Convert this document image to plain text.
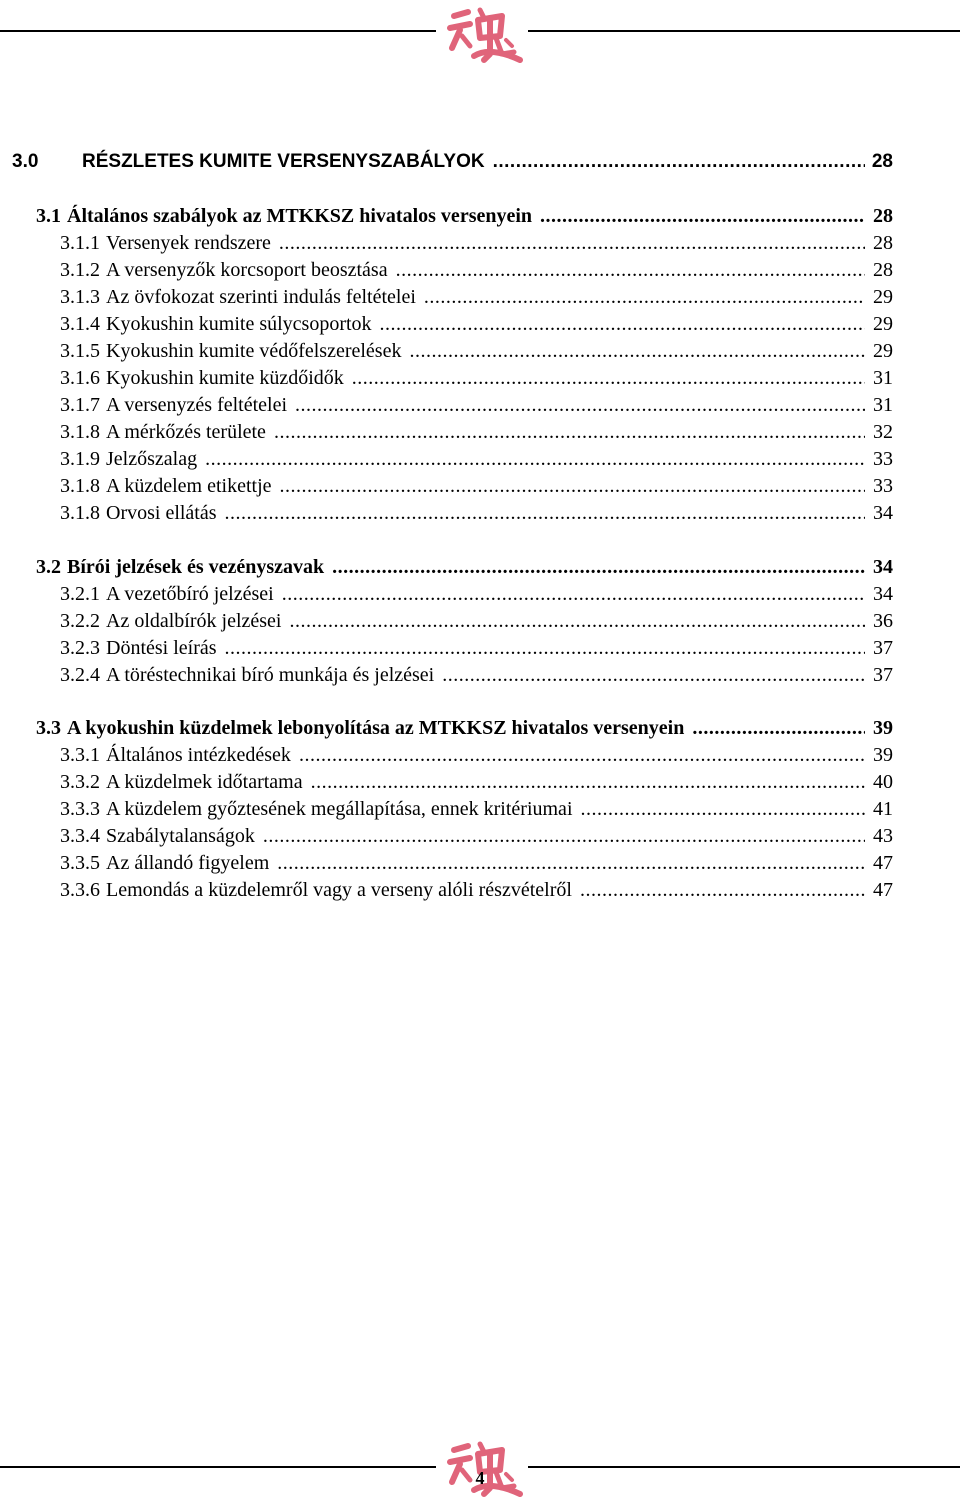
3.0	RÉSZLETES KUMITE VERSENYSZABÁLYOK .....	28
3.1 Általános szabályok az MTKKSZ hivatalos versenyein .....	28
3.1.1 Versenyek rendszere .....	28
3.1.2 A versenyzők korcsoport beosztása .....	28
3.1.3 Az övfokozat szerinti indulás feltételei .....	29
3.1.4 Kyokushin kumite súlycsoportok .....	29
3.1.5 Kyokushin kumite védőfelszerelések .....	29
3.1.6 Kyokushin kumite küzdőidők .....	31
3.1.7 A versenyzés feltételei .....	31
3.1.8 A mérkőzés területe .....	32
3.1.9 Jelzőszalag .....	33
3.1.8 A küzdelem etikettje .....	33
3.1.8 Orvosi ellátás .....	34
3.2 Bírói jelzések és vezényszavak .....	34
3.2.1 A vezetőbíró jelzései .....	34
3.2.2 Az oldalbírók jelzései .....	36
3.2.3 Döntési leírás .....	37
3.2.4 A töréstechnikai bíró munkája és jelzései .....	37
3.3 A kyokushin küzdelmek lebonyolítása az MTKKSZ hivatalos versenyein .....	39
3.3.1 Általános intézkedések .....	39
3.3.2 A küzdelmek időtartama .....	40
3.3.3 A küzdelem győztesének megállapítása, ennek kritériumai .....	41
3.3.4 Szabálytalanságok .....	43
3.3.5 Az állandó figyelem .....	47
3.3.6 Lemondás a küzdelemről vagy a verseny alóli részvételről .....	47
4
